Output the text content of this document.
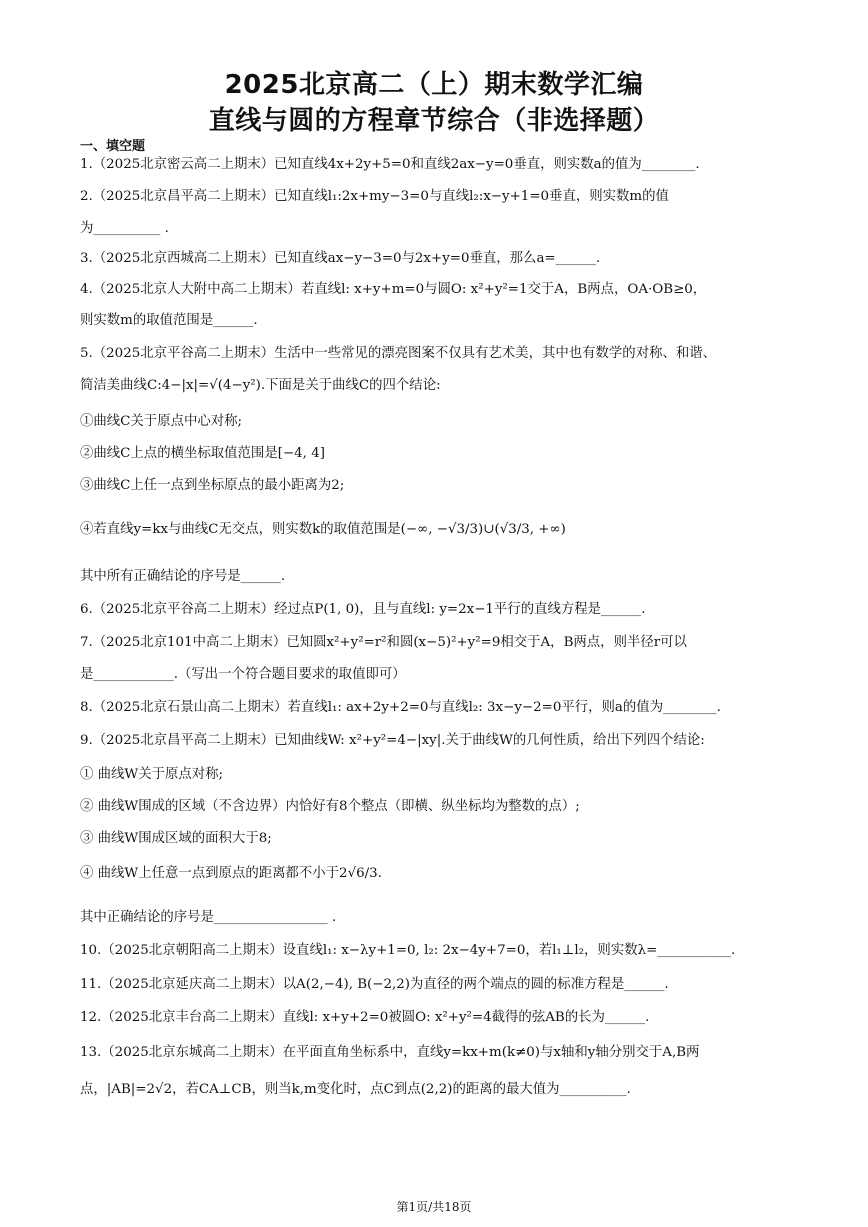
2025北京高二（上）期末数学汇编
直线与圆的方程章节综合（非选择题）
一、填空题
1.（2025北京密云高二上期末）已知直线4x+2y+5=0和直线2ax−y=0垂直，则实数a的值为________.
2.（2025北京昌平高二上期末）已知直线l₁:2x+my−3=0与直线l₂:x−y+1=0垂直，则实数m的值
为__________ .
3.（2025北京西城高二上期末）已知直线ax−y−3=0与2x+y=0垂直，那么a=______.
4.（2025北京人大附中高二上期末）若直线l: x+y+m=0与圆O: x²+y²=1交于A，B两点，OA·OB≥0，
则实数m的取值范围是______.
5.（2025北京平谷高二上期末）生活中一些常见的漂亮图案不仅具有艺术美，其中也有数学的对称、和谐、
简洁美曲线C:4−|x|=√(4−y²).下面是关于曲线C的四个结论:
①曲线C关于原点中心对称;
②曲线C上点的横坐标取值范围是[−4, 4]
③曲线C上任一点到坐标原点的最小距离为2;
④若直线y=kx与曲线C无交点，则实数k的取值范围是(−∞, −√3/3)∪(√3/3, +∞)
其中所有正确结论的序号是______.
6.（2025北京平谷高二上期末）经过点P(1, 0)，且与直线l: y=2x−1平行的直线方程是______.
7.（2025北京101中高二上期末）已知圆x²+y²=r²和圆(x−5)²+y²=9相交于A，B两点，则半径r可以
是____________.（写出一个符合题目要求的取值即可）
8.（2025北京石景山高二上期末）若直线l₁: ax+2y+2=0与直线l₂: 3x−y−2=0平行，则a的值为________.
9.（2025北京昌平高二上期末）已知曲线W: x²+y²=4−|xy|.关于曲线W的几何性质，给出下列四个结论:
① 曲线W关于原点对称;
② 曲线W围成的区域（不含边界）内恰好有8个整点（即横、纵坐标均为整数的点）;
③ 曲线W围成区域的面积大于8;
④ 曲线W上任意一点到原点的距离都不小于2√6/3.
其中正确结论的序号是_________________ .
10.（2025北京朝阳高二上期末）设直线l₁: x−λy+1=0, l₂: 2x−4y+7=0，若l₁⊥l₂，则实数λ=___________.
11.（2025北京延庆高二上期末）以A(2,−4), B(−2,2)为直径的两个端点的圆的标准方程是______.
12.（2025北京丰台高二上期末）直线l: x+y+2=0被圆O: x²+y²=4截得的弦AB的长为______.
13.（2025北京东城高二上期末）在平面直角坐标系中，直线y=kx+m(k≠0)与x轴和y轴分别交于A,B两
点，|AB|=2√2，若CA⊥CB，则当k,m变化时，点C到点(2,2)的距离的最大值为__________.
第1页/共18页
